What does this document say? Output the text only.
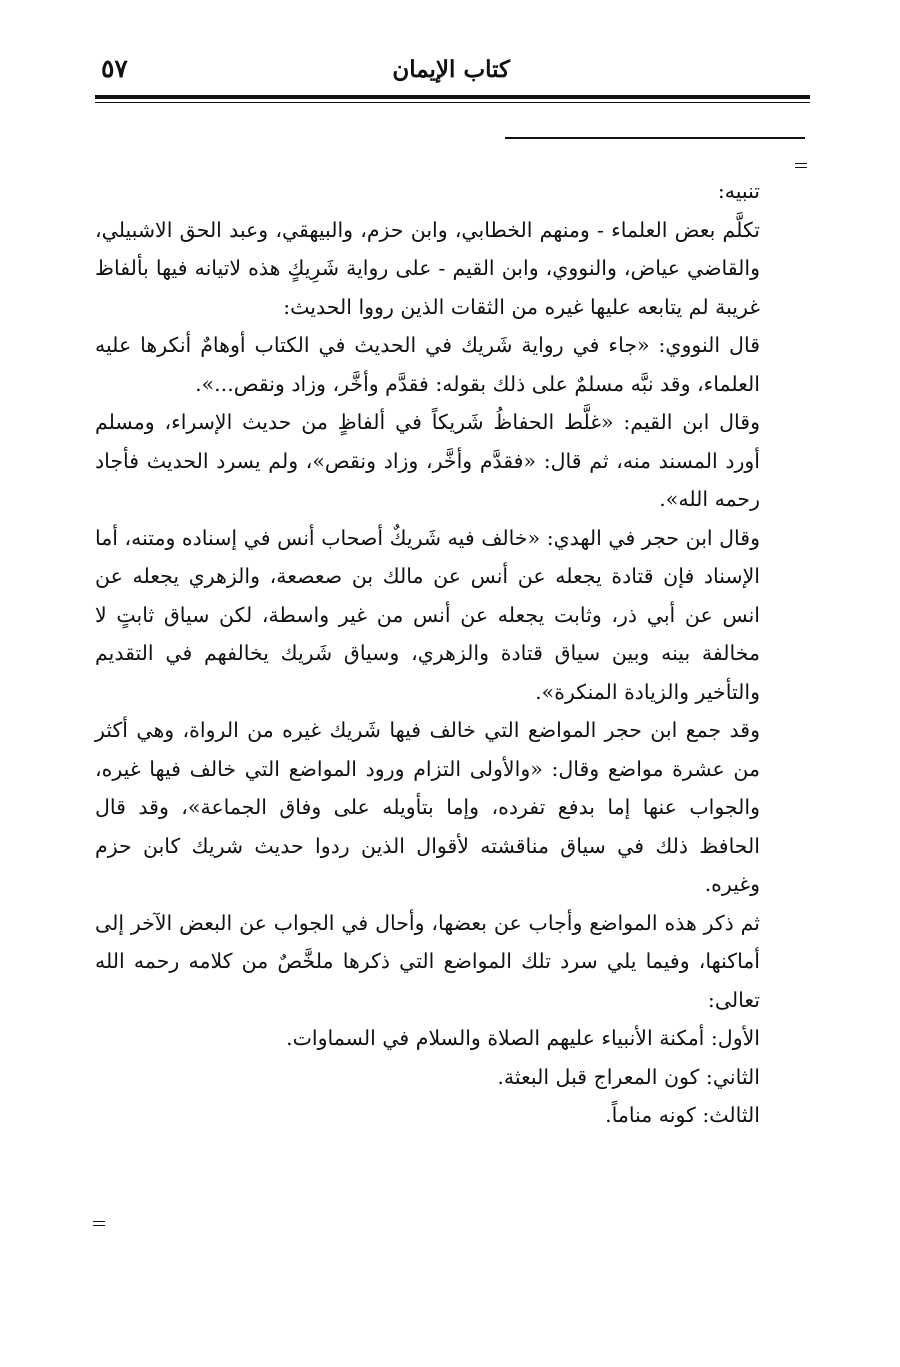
كتاب الإيمان
٥٧

تنبيه:

تكلَّم بعض العلماء - ومنهم الخطابي، وابن حزم، والبيهقي، وعبد الحق الاشبيلي، والقاضي عياض، والنووي، وابن القيم - على رواية شَرِيكٍ هذه لاتيانه فيها بألفاظ غريبة لم يتابعه عليها غيره من الثقات الذين رووا الحديث:

قال النووي: «جاء في رواية شَريك في الحديث في الكتاب أوهامٌ أنكرها عليه العلماء، وقد نبَّه مسلمٌ على ذلك بقوله: فقدَّم وأخَّر، وزاد ونقص...».

وقال ابن القيم: «غلَّط الحفاظُ شَريكاً في ألفاظٍ من حديث الإسراء، ومسلم أورد المسند منه، ثم قال: «فقدَّم وأخَّر، وزاد ونقص»، ولم يسرد الحديث فأجاد رحمه الله».

وقال ابن حجر في الهدي: «خالف فيه شَريكٌ أصحاب أنس في إسناده ومتنه، أما الإسناد فإن قتادة يجعله عن أنس عن مالك بن صعصعة، والزهري يجعله عن انس عن أبي ذر، وثابت يجعله عن أنس من غير واسطة، لكن سياق ثابتٍ لا مخالفة بينه وبين سياق قتادة والزهري، وسياق شَريك يخالفهم في التقديم والتأخير والزيادة المنكرة».

وقد جمع ابن حجر المواضع التي خالف فيها شَريك غيره من الرواة، وهي أكثر من عشرة مواضع وقال: «والأولى التزام ورود المواضع التي خالف فيها غيره، والجواب عنها إما بدفع تفرده، وإما بتأويله على وفاق الجماعة»، وقد قال الحافظ ذلك في سياق مناقشته لأقوال الذين ردوا حديث شريك كابن حزم وغيره.

ثم ذكر هذه المواضع وأجاب عن بعضها، وأحال في الجواب عن البعض الآخر إلى أماكنها، وفيما يلي سرد تلك المواضع التي ذكرها ملخَّصٌ من كلامه رحمه الله تعالى:

الأول: أمكنة الأنبياء عليهم الصلاة والسلام في السماوات.

الثاني: كون المعراج قبل البعثة.

الثالث: كونه مناماً.
